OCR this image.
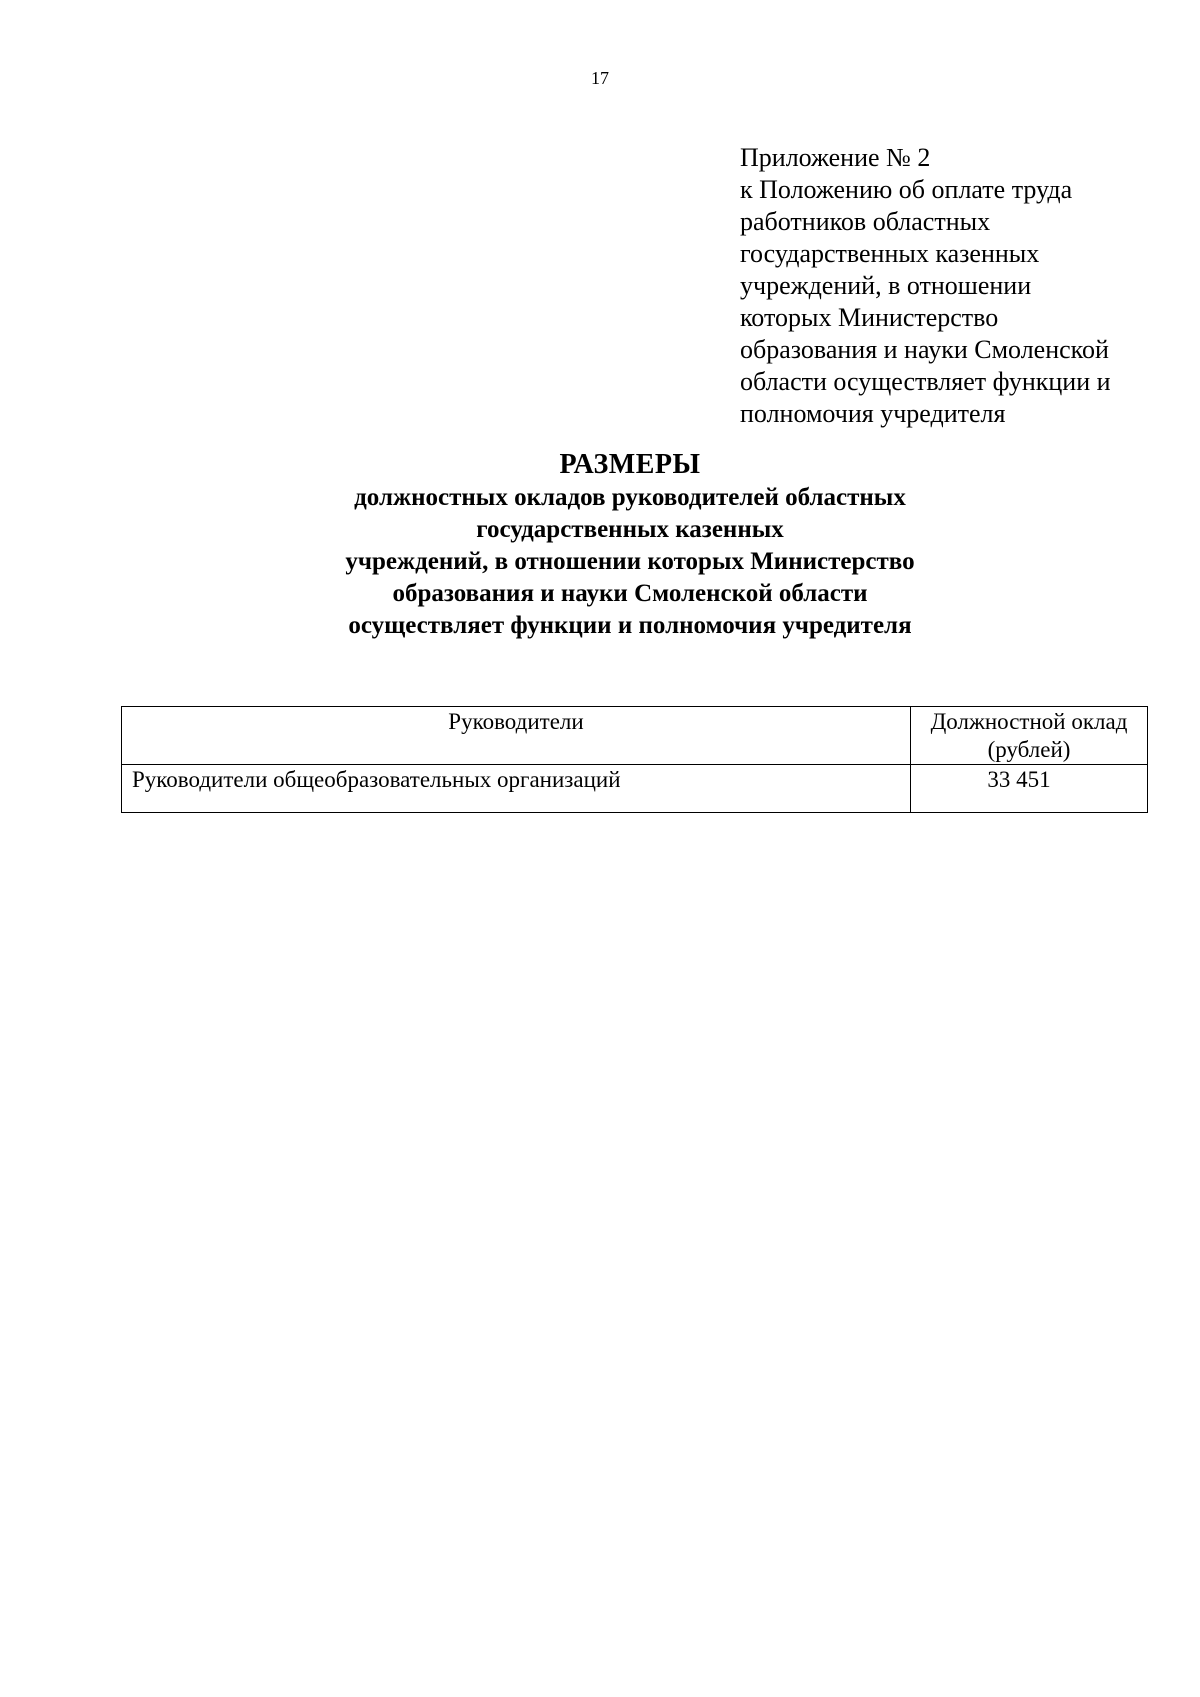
17
Приложение № 2
к Положению об оплате труда
работников областных
государственных казенных
учреждений, в отношении
которых Министерство
образования и науки Смоленской
области осуществляет функции и
полномочия учредителя
РАЗМЕРЫ
должностных окладов руководителей областных
государственных казенных
учреждений, в отношении которых Министерство
образования и науки Смоленской области
осуществляет функции и полномочия учредителя
Руководители	Должностной оклад
(рублей)
Руководители общеобразовательных организаций	33 451
